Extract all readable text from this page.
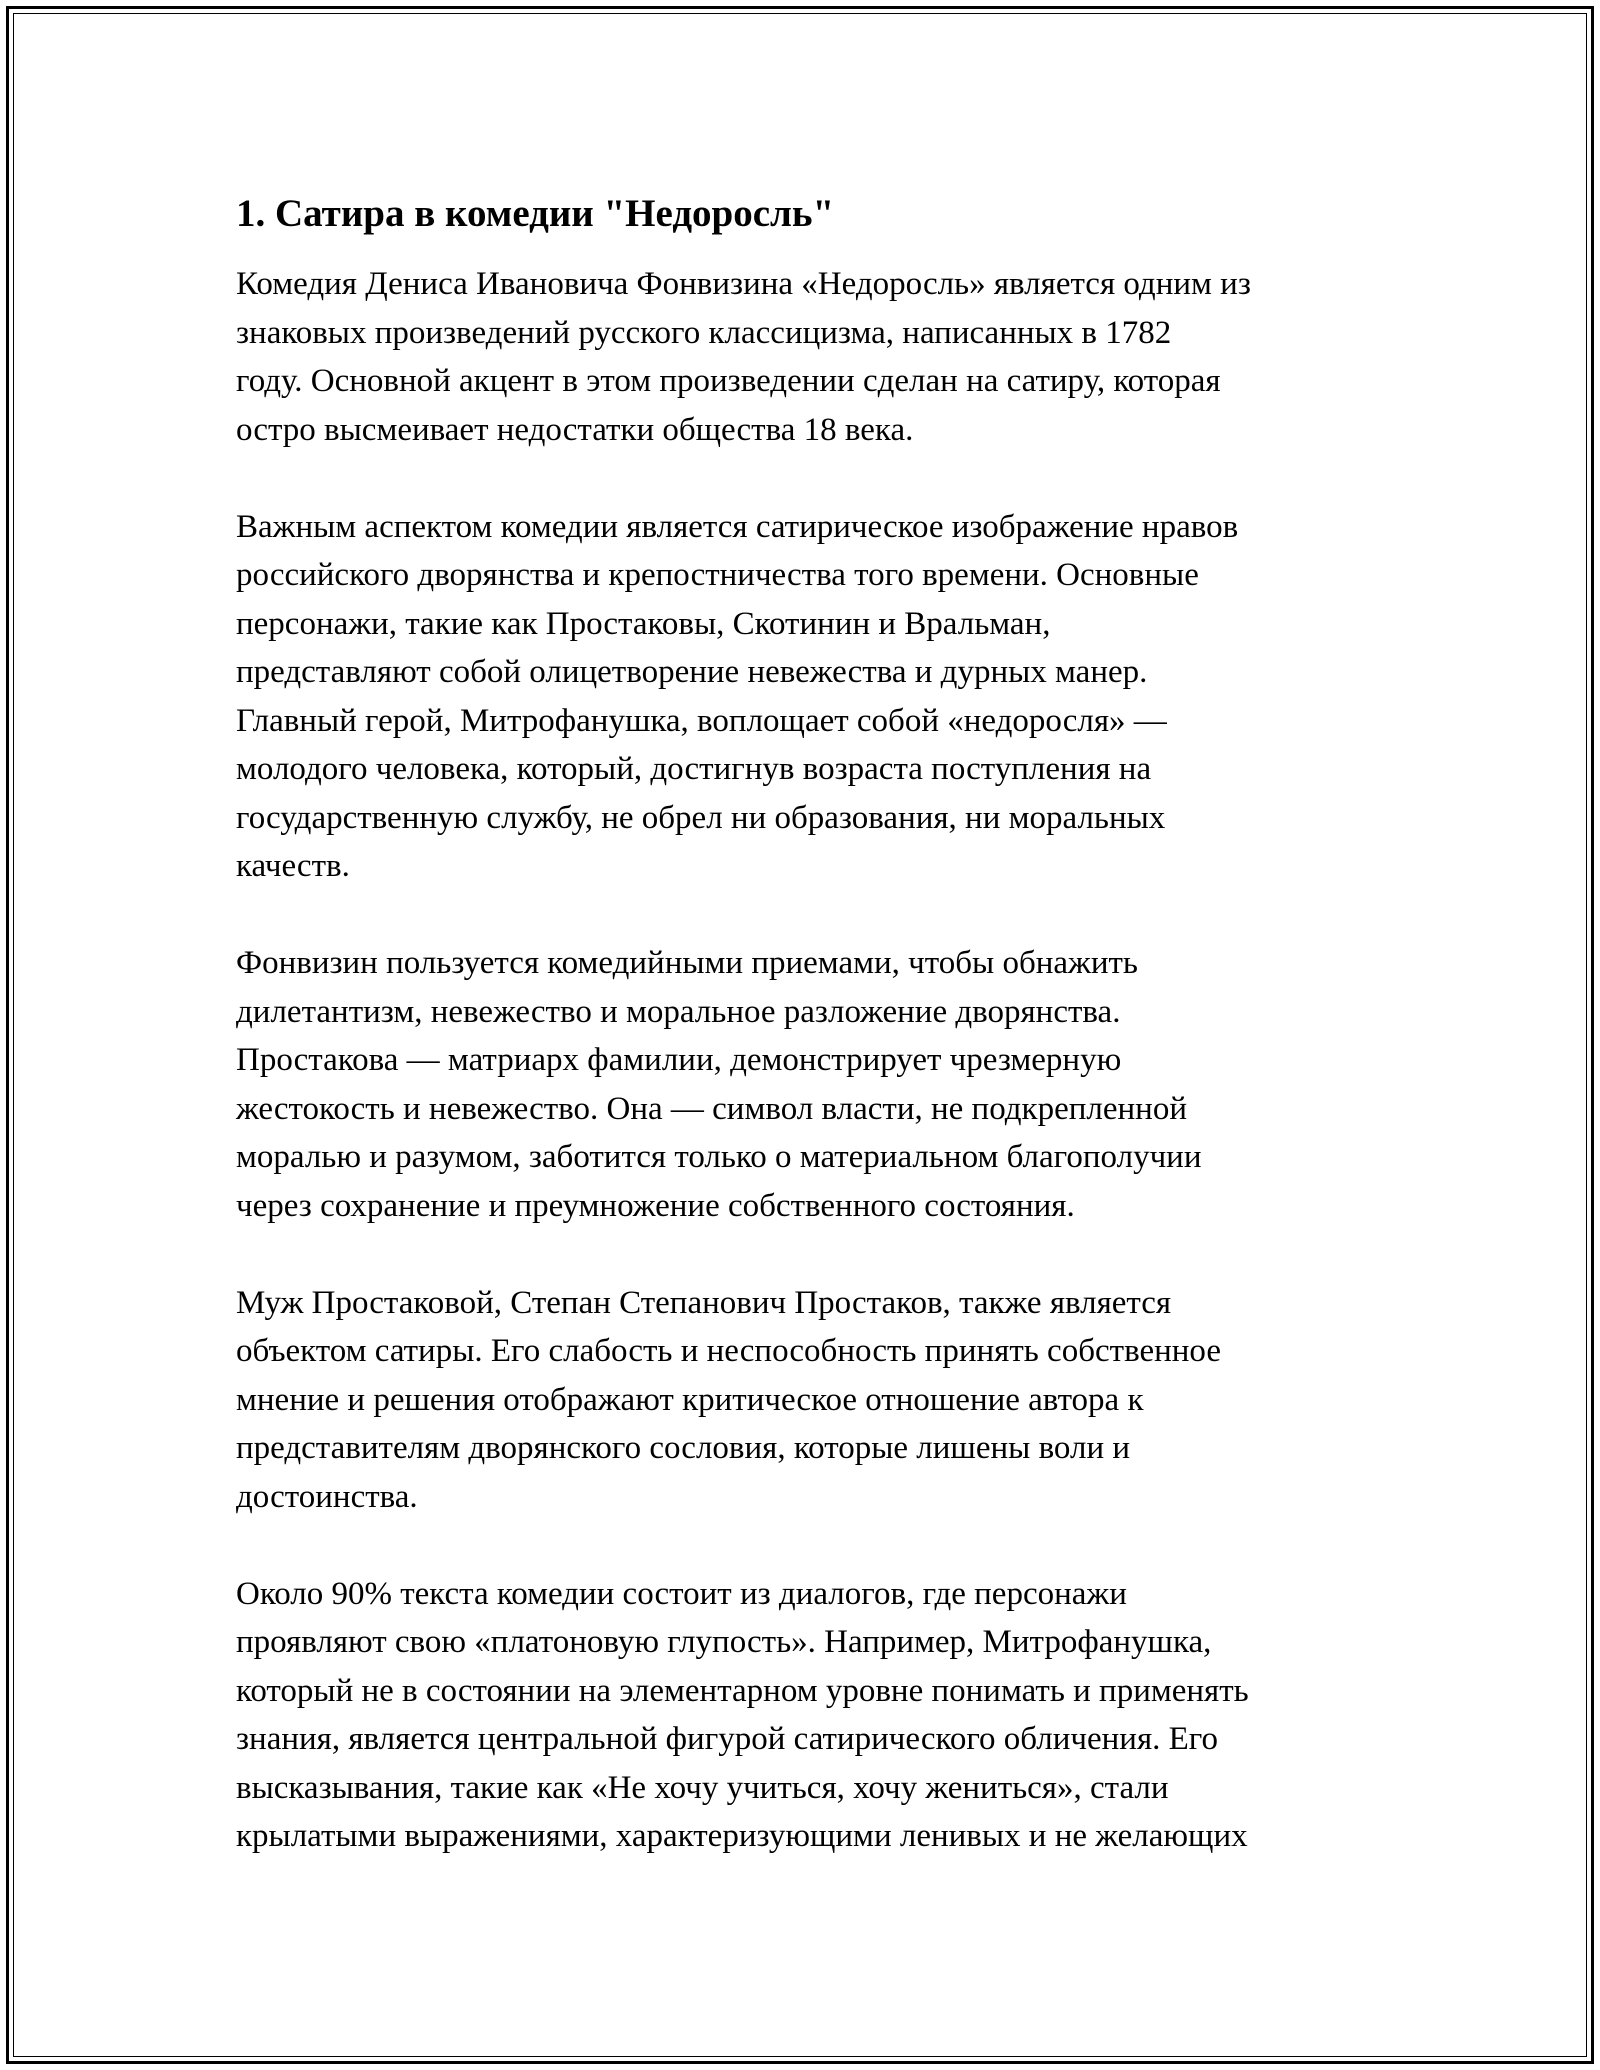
1. Сатира в комедии "Недоросль"

Комедия Дениса Ивановича Фонвизина «Недоросль» является одним из
знаковых произведений русского классицизма, написанных в 1782
году. Основной акцент в этом произведении сделан на сатиру, которая
остро высмеивает недостатки общества 18 века.

Важным аспектом комедии является сатирическое изображение нравов
российского дворянства и крепостничества того времени. Основные
персонажи, такие как Простаковы, Скотинин и Вральман,
представляют собой олицетворение невежества и дурных манер.
Главный герой, Митрофанушка, воплощает собой «недоросля» —
молодого человека, который, достигнув возраста поступления на
государственную службу, не обрел ни образования, ни моральных
качеств.

Фонвизин пользуется комедийными приемами, чтобы обнажить
дилетантизм, невежество и моральное разложение дворянства.
Простакова — матриарх фамилии, демонстрирует чрезмерную
жестокость и невежество. Она — символ власти, не подкрепленной
моралью и разумом, заботится только о материальном благополучии
через сохранение и преумножение собственного состояния.

Муж Простаковой, Степан Степанович Простаков, также является
объектом сатиры. Его слабость и неспособность принять собственное
мнение и решения отображают критическое отношение автора к
представителям дворянского сословия, которые лишены воли и
достоинства.

Около 90% текста комедии состоит из диалогов, где персонажи
проявляют свою «платоновую глупость». Например, Митрофанушка,
который не в состоянии на элементарном уровне понимать и применять
знания, является центральной фигурой сатирического обличения. Его
высказывания, такие как «Не хочу учиться, хочу жениться», стали
крылатыми выражениями, характеризующими ленивых и не желающих
